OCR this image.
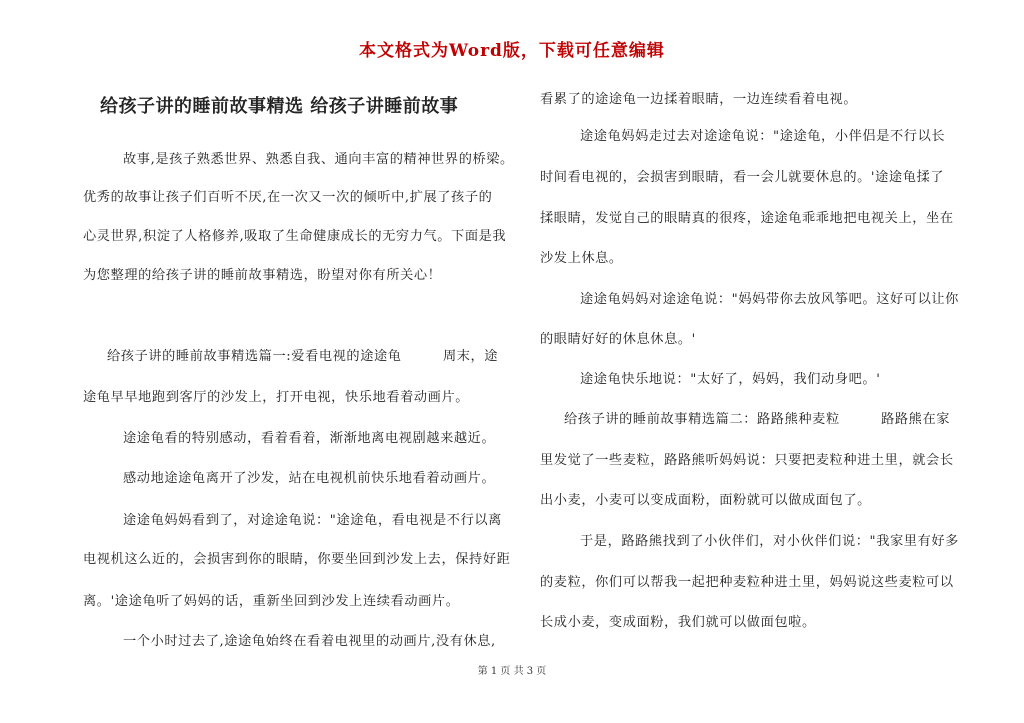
本文格式为Word版，下载可任意编辑
给孩子讲的睡前故事精选 给孩子讲睡前故事
故事,是孩子熟悉世界、熟悉自我、通向丰富的精神世界的桥梁。
优秀的故事让孩子们百听不厌,在一次又一次的倾听中,扩展了孩子的
心灵世界,积淀了人格修养,吸取了生命健康成长的无穷力气。下面是我
为您整理的给孩子讲的睡前故事精选，盼望对你有所关心！
给孩子讲的睡前故事精选篇一:爱看电视的途途龟　　　周末，途
途龟早早地跑到客厅的沙发上，打开电视，快乐地看着动画片。
途途龟看的特别感动，看着看着，渐渐地离电视剧越来越近。
感动地途途龟离开了沙发，站在电视机前快乐地看着动画片。
途途龟妈妈看到了，对途途龟说："途途龟，看电视是不行以离
电视机这么近的，会损害到你的眼睛，你要坐回到沙发上去，保持好距
离。'途途龟听了妈妈的话，重新坐回到沙发上连续看动画片。
一个小时过去了,途途龟始终在看着电视里的动画片,没有休息,
看累了的途途龟一边揉着眼睛，一边连续看着电视。
途途龟妈妈走过去对途途龟说："途途龟，小伴侣是不行以长
时间看电视的，会损害到眼睛，看一会儿就要休息的。'途途龟揉了
揉眼睛，发觉自己的眼睛真的很疼，途途龟乖乖地把电视关上，坐在
沙发上休息。
途途龟妈妈对途途龟说："妈妈带你去放风筝吧。这好可以让你
的眼睛好好的休息休息。'
途途龟快乐地说："太好了，妈妈，我们动身吧。'
给孩子讲的睡前故事精选篇二：路路熊种麦粒　　　路路熊在家
里发觉了一些麦粒，路路熊听妈妈说：只要把麦粒种进土里，就会长
出小麦，小麦可以变成面粉，面粉就可以做成面包了。
于是，路路熊找到了小伙伴们，对小伙伴们说："我家里有好多
的麦粒，你们可以帮我一起把种麦粒种进土里，妈妈说这些麦粒可以
长成小麦，变成面粉，我们就可以做面包啦。
第 1 页 共 3 页
